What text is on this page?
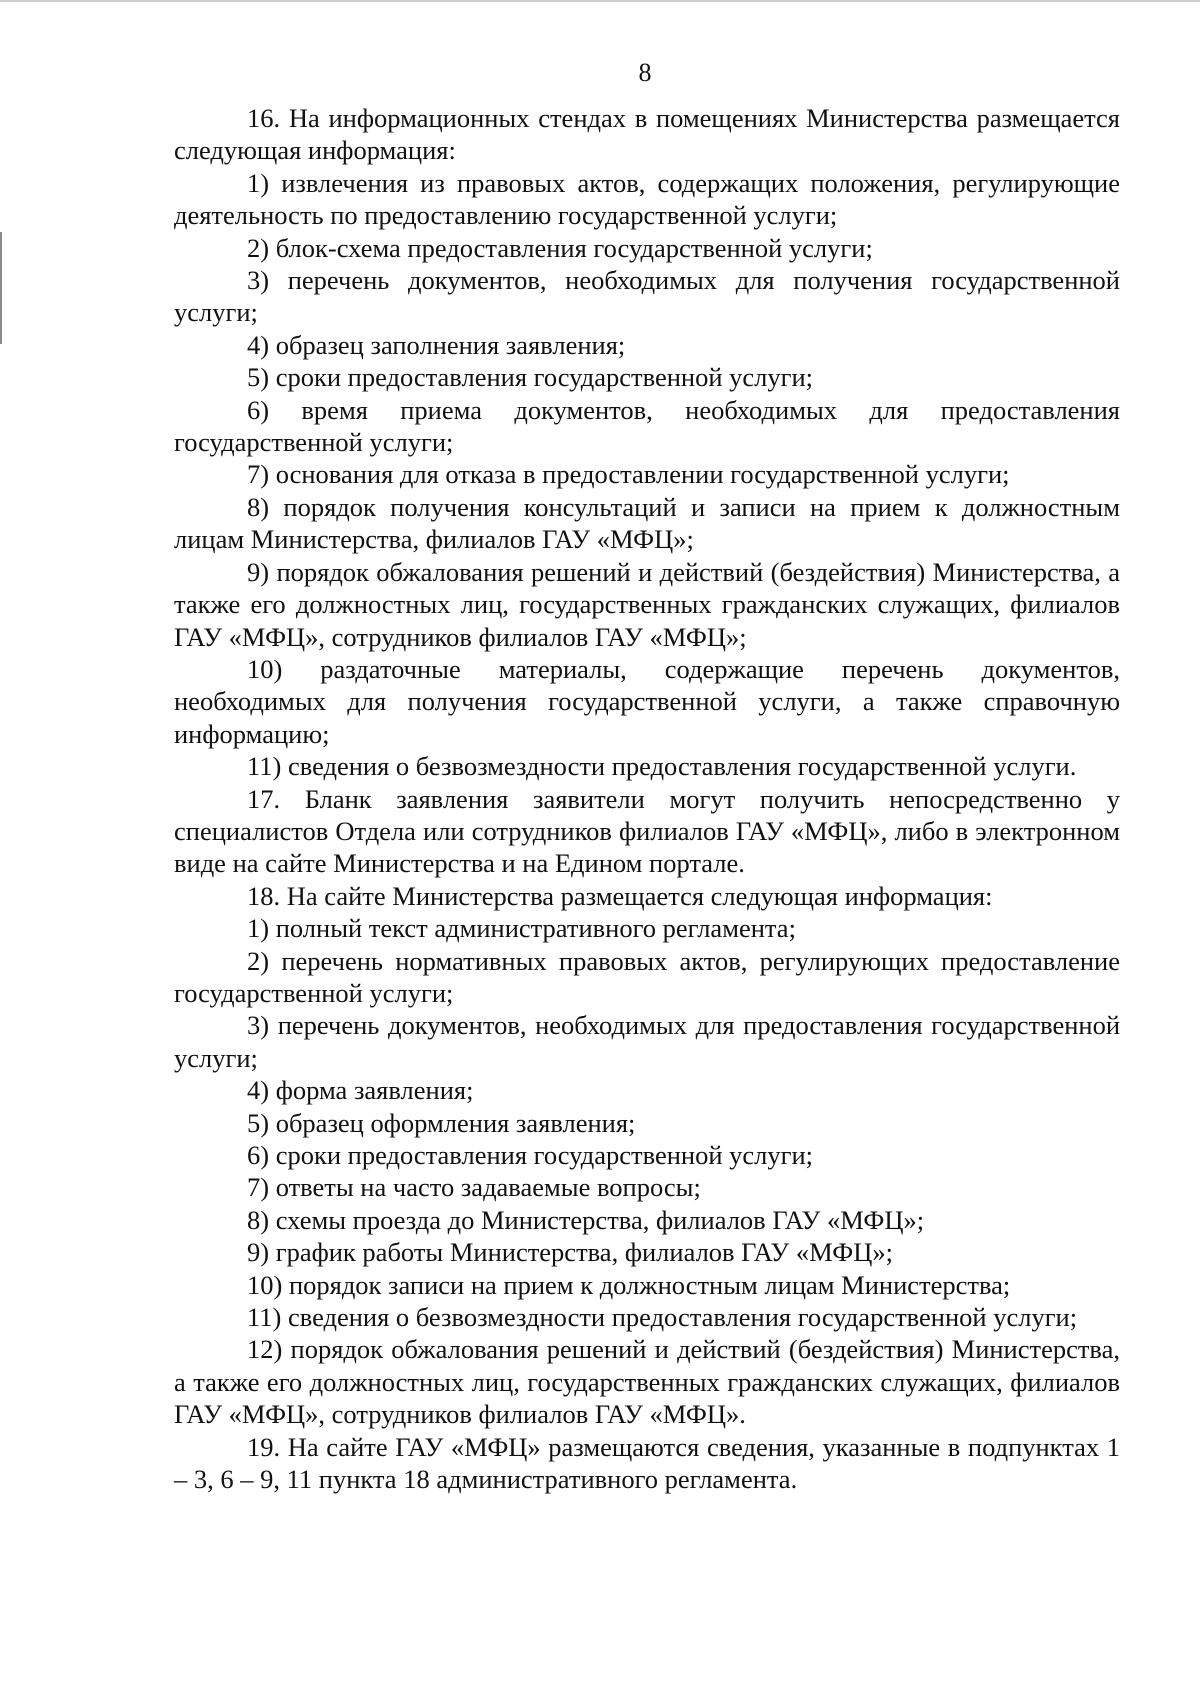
8

16. На информационных стендах в помещениях Министерства размещается следующая информация:

1) извлечения из правовых актов, содержащих положения, регулирующие деятельность по предоставлению государственной услуги;

2) блок-схема предоставления государственной услуги;

3) перечень документов, необходимых для получения государственной услуги;

4) образец заполнения заявления;

5) сроки предоставления государственной услуги;

6) время приема документов, необходимых для предоставления государственной услуги;

7) основания для отказа в предоставлении государственной услуги;

8) порядок получения консультаций и записи на прием к должностным лицам Министерства, филиалов ГАУ «МФЦ»;

9) порядок обжалования решений и действий (бездействия) Министерства, а также его должностных лиц, государственных гражданских служащих, филиалов ГАУ «МФЦ», сотрудников филиалов ГАУ «МФЦ»;

10) раздаточные материалы, содержащие перечень документов, необходимых для получения государственной услуги, а также справочную информацию;

11) сведения о безвозмездности предоставления государственной услуги.

17. Бланк заявления заявители могут получить непосредственно у специалистов Отдела или сотрудников филиалов ГАУ «МФЦ», либо в электронном виде на сайте Министерства и на Едином портале.

18. На сайте Министерства размещается следующая информация:

1) полный текст административного регламента;

2) перечень нормативных правовых актов, регулирующих предоставление государственной услуги;

3) перечень документов, необходимых для предоставления государственной услуги;

4) форма заявления;

5) образец оформления заявления;

6) сроки предоставления государственной услуги;

7) ответы на часто задаваемые вопросы;

8) схемы проезда до Министерства, филиалов ГАУ «МФЦ»;

9) график работы Министерства, филиалов ГАУ «МФЦ»;

10) порядок записи на прием к должностным лицам Министерства;

11) сведения о безвозмездности предоставления государственной услуги;

12) порядок обжалования решений и действий (бездействия) Министерства, а также его должностных лиц, государственных гражданских служащих, филиалов ГАУ «МФЦ», сотрудников филиалов ГАУ «МФЦ».

19. На сайте ГАУ «МФЦ» размещаются сведения, указанные в подпунктах 1 – 3, 6 – 9, 11 пункта 18 административного регламента.
